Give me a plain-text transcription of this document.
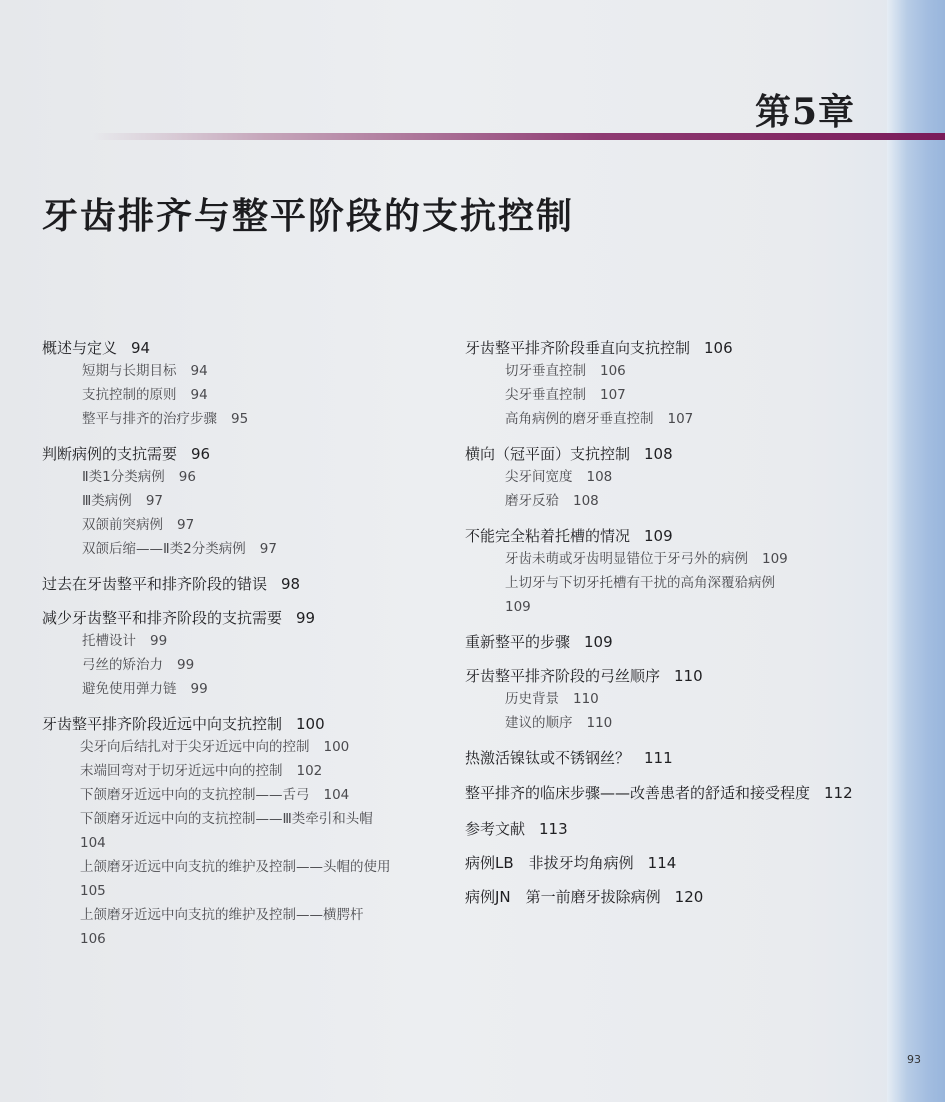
第5章
牙齿排齐与整平阶段的支抗控制
概述与定义 94
短期与长期目标 94
支抗控制的原则 94
整平与排齐的治疗步骤 95
判断病例的支抗需要 96
Ⅱ类1分类病例 96
Ⅲ类病例 97
双颌前突病例 97
双颌后缩——Ⅱ类2分类病例 97
过去在牙齿整平和排齐阶段的错误 98
减少牙齿整平和排齐阶段的支抗需要 99
托槽设计 99
弓丝的矫治力 99
避免使用弹力链 99
牙齿整平排齐阶段近远中向支抗控制 100
尖牙向后结扎对于尖牙近远中向的控制 100
末端回弯对于切牙近远中向的控制 102
下颌磨牙近远中向的支抗控制——舌弓 104
下颌磨牙近远中向的支抗控制——Ⅲ类牵引和头帽
104
上颌磨牙近远中向支抗的维护及控制——头帽的使用
105
上颌磨牙近远中向支抗的维护及控制——横腭杆
106
牙齿整平排齐阶段垂直向支抗控制 106
切牙垂直控制 106
尖牙垂直控制 107
高角病例的磨牙垂直控制 107
横向（冠平面）支抗控制 108
尖牙间宽度 108
磨牙反𬌗 108
不能完全粘着托槽的情况 109
牙齿未萌或牙齿明显错位于牙弓外的病例 109
上切牙与下切牙托槽有干扰的高角深覆𬌗病例
109
重新整平的步骤 109
牙齿整平排齐阶段的弓丝顺序 110
历史背景 110
建议的顺序 110
热激活镍钛或不锈钢丝？ 111
整平排齐的临床步骤——改善患者的舒适和接受程度 112
参考文献 113
病例LB　非拔牙均角病例 114
病例JN　第一前磨牙拔除病例 120
93
